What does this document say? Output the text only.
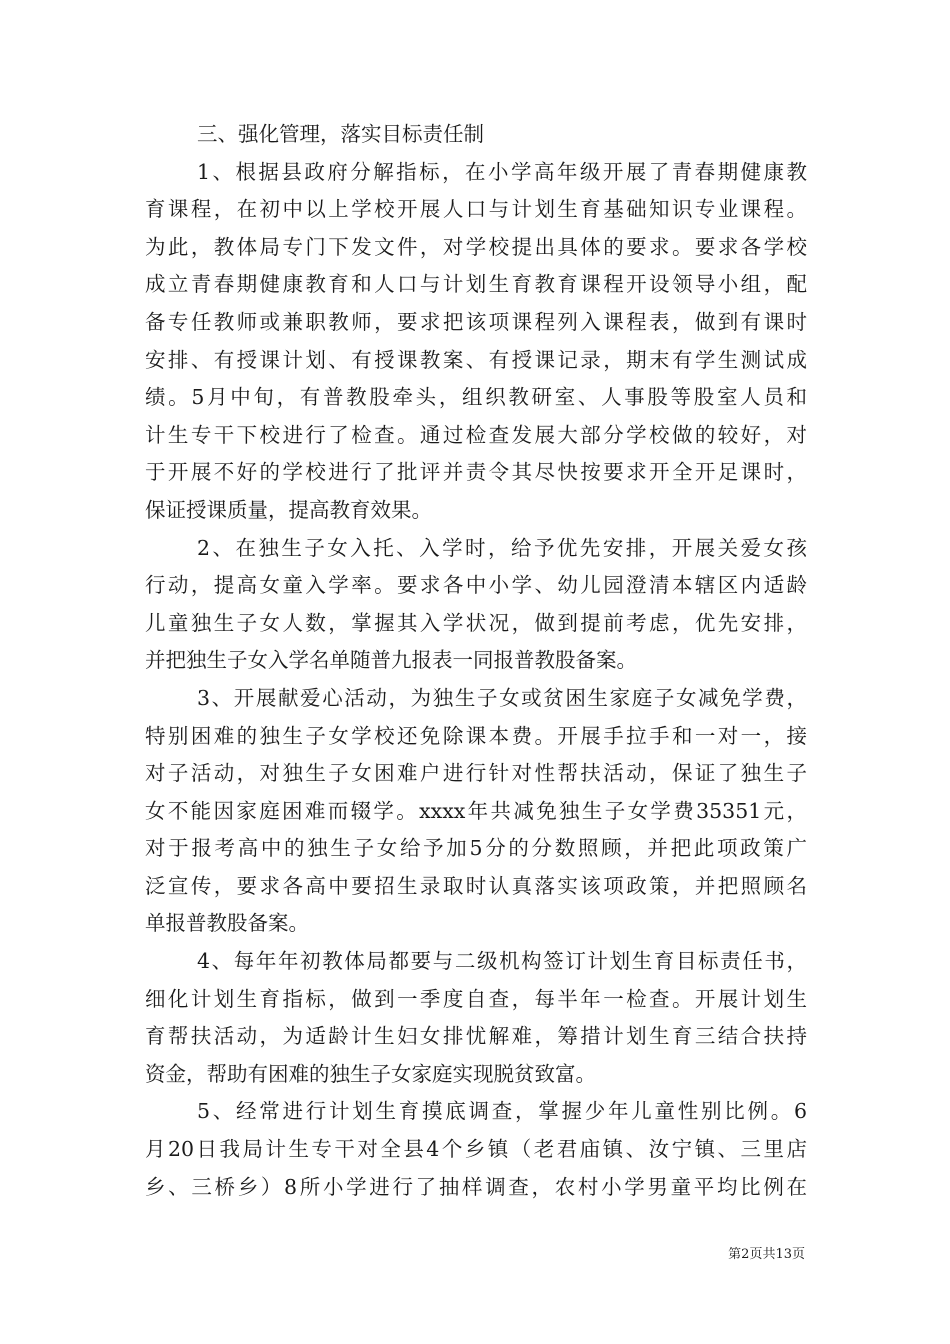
三、强化管理，落实目标责任制
1、根据县政府分解指标，在小学高年级开展了青春期健康教
育课程，在初中以上学校开展人口与计划生育基础知识专业课程。
为此，教体局专门下发文件，对学校提出具体的要求。要求各学校
成立青春期健康教育和人口与计划生育教育课程开设领导小组，配
备专任教师或兼职教师，要求把该项课程列入课程表，做到有课时
安排、有授课计划、有授课教案、有授课记录，期末有学生测试成
绩。5月中旬，有普教股牵头，组织教研室、人事股等股室人员和
计生专干下校进行了检查。通过检查发展大部分学校做的较好，对
于开展不好的学校进行了批评并责令其尽快按要求开全开足课时，
保证授课质量，提高教育效果。
2、在独生子女入托、入学时，给予优先安排，开展关爱女孩
行动，提高女童入学率。要求各中小学、幼儿园澄清本辖区内适龄
儿童独生子女人数，掌握其入学状况，做到提前考虑，优先安排，
并把独生子女入学名单随普九报表一同报普教股备案。
3、开展献爱心活动，为独生子女或贫困生家庭子女减免学费，
特别困难的独生子女学校还免除课本费。开展手拉手和一对一，接
对子活动，对独生子女困难户进行针对性帮扶活动，保证了独生子
女不能因家庭困难而辍学。xxxx年共减免独生子女学费35351元，
对于报考高中的独生子女给予加5分的分数照顾，并把此项政策广
泛宣传，要求各高中要招生录取时认真落实该项政策，并把照顾名
单报普教股备案。
4、每年年初教体局都要与二级机构签订计划生育目标责任书，
细化计划生育指标，做到一季度自查，每半年一检查。开展计划生
育帮扶活动，为适龄计生妇女排忧解难，筹措计划生育三结合扶持
资金，帮助有困难的独生子女家庭实现脱贫致富。
5、经常进行计划生育摸底调查，掌握少年儿童性别比例。6
月20日我局计生专干对全县4个乡镇（老君庙镇、汝宁镇、三里店
乡、三桥乡）8所小学进行了抽样调查，农村小学男童平均比例在
第2页共13页
